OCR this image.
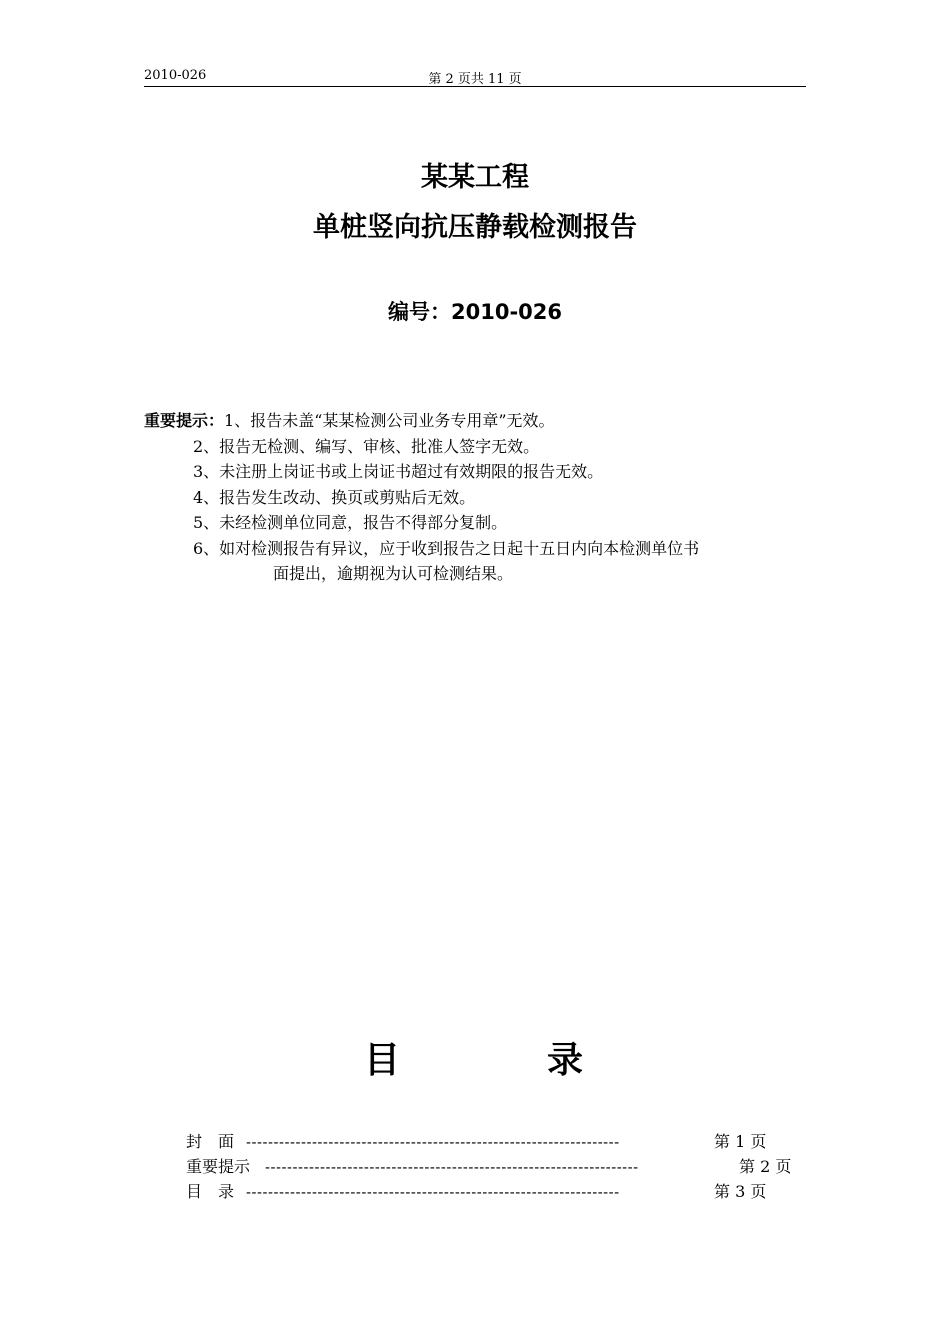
2010-026	第 2 页共 11 页
某某工程
单桩竖向抗压静载检测报告
编号：2010-026
重要提示：1、报告未盖“某某检测公司业务专用章”无效。
2、报告无检测、编写、审核、批准人签字无效。
3、未注册上岗证书或上岗证书超过有效期限的报告无效。
4、报告发生改动、换页或剪贴后无效。
5、未经检测单位同意，报告不得部分复制。
6、如对检测报告有异议，应于收到报告之日起十五日内向本检测单位书
面提出，逾期视为认可检测结果。
目	录
封　面 --------------------------------------------------------------------	第 1 页
重要提示 --------------------------------------------------------------------	第 2 页
目　录 --------------------------------------------------------------------	第 3 页
